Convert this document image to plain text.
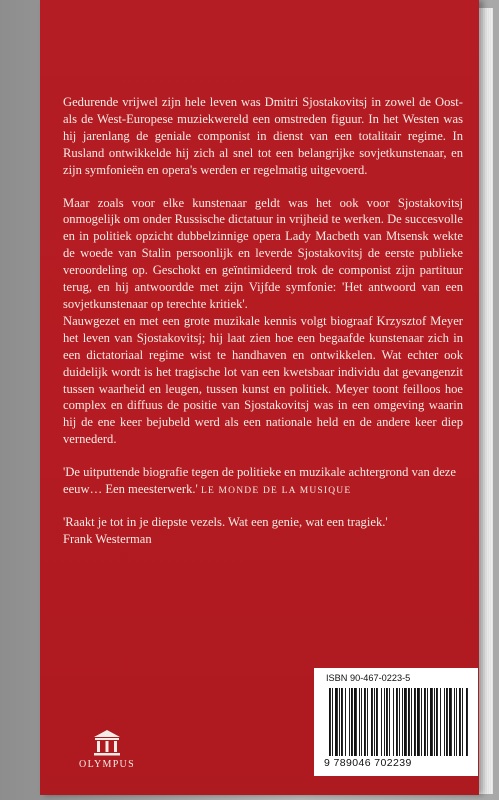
Gedurende vrijwel zijn hele leven was Dmitri Sjostakovitsj in zowel de Oost- als de West-Europese muziekwereld een omstreden figuur. In het Westen was hij jarenlang de geniale componist in dienst van een totalitair regime. In Rusland ontwikkelde hij zich al snel tot een belangrijke sovjetkunstenaar, en zijn symfonieën en opera's werden er regelmatig uitgevoerd.

Maar zoals voor elke kunstenaar geldt was het ook voor Sjostakovitsj onmogelijk om onder Russische dictatuur in vrijheid te werken. De succesvolle en in politiek opzicht dubbelzinnige opera Lady Macbeth van Mtsensk wekte de woede van Stalin persoonlijk en leverde Sjostakovitsj de eerste publieke veroordeling op. Geschokt en geïntimideerd trok de componist zijn partituur terug, en hij antwoordde met zijn Vijfde symfonie: 'Het antwoord van een sovjetkunstenaar op terechte kritiek'.

Nauwgezet en met een grote muzikale kennis volgt biograaf Krzysztof Meyer het leven van Sjostakovitsj; hij laat zien hoe een begaafde kunstenaar zich in een dictatoriaal regime wist te handhaven en ontwikkelen. Wat echter ook duidelijk wordt is het tragische lot van een kwetsbaar individu dat gevangenzit tussen waarheid en leugen, tussen kunst en politiek. Meyer toont feilloos hoe complex en diffuus de positie van Sjostakovitsj was in een omgeving waarin hij de ene keer bejubeld werd als een nationale held en de andere keer diep vernederd.

'De uitputtende biografie tegen de politieke en muzikale achtergrond van deze eeuw… Een meesterwerk.' LE MONDE DE LA MUSIQUE

'Raakt je tot in je diepste vezels. Wat een genie, wat een tragiek.'
Frank Westerman

OLYMPUS
ISBN 90-467-0223-5
9 789046 702239
